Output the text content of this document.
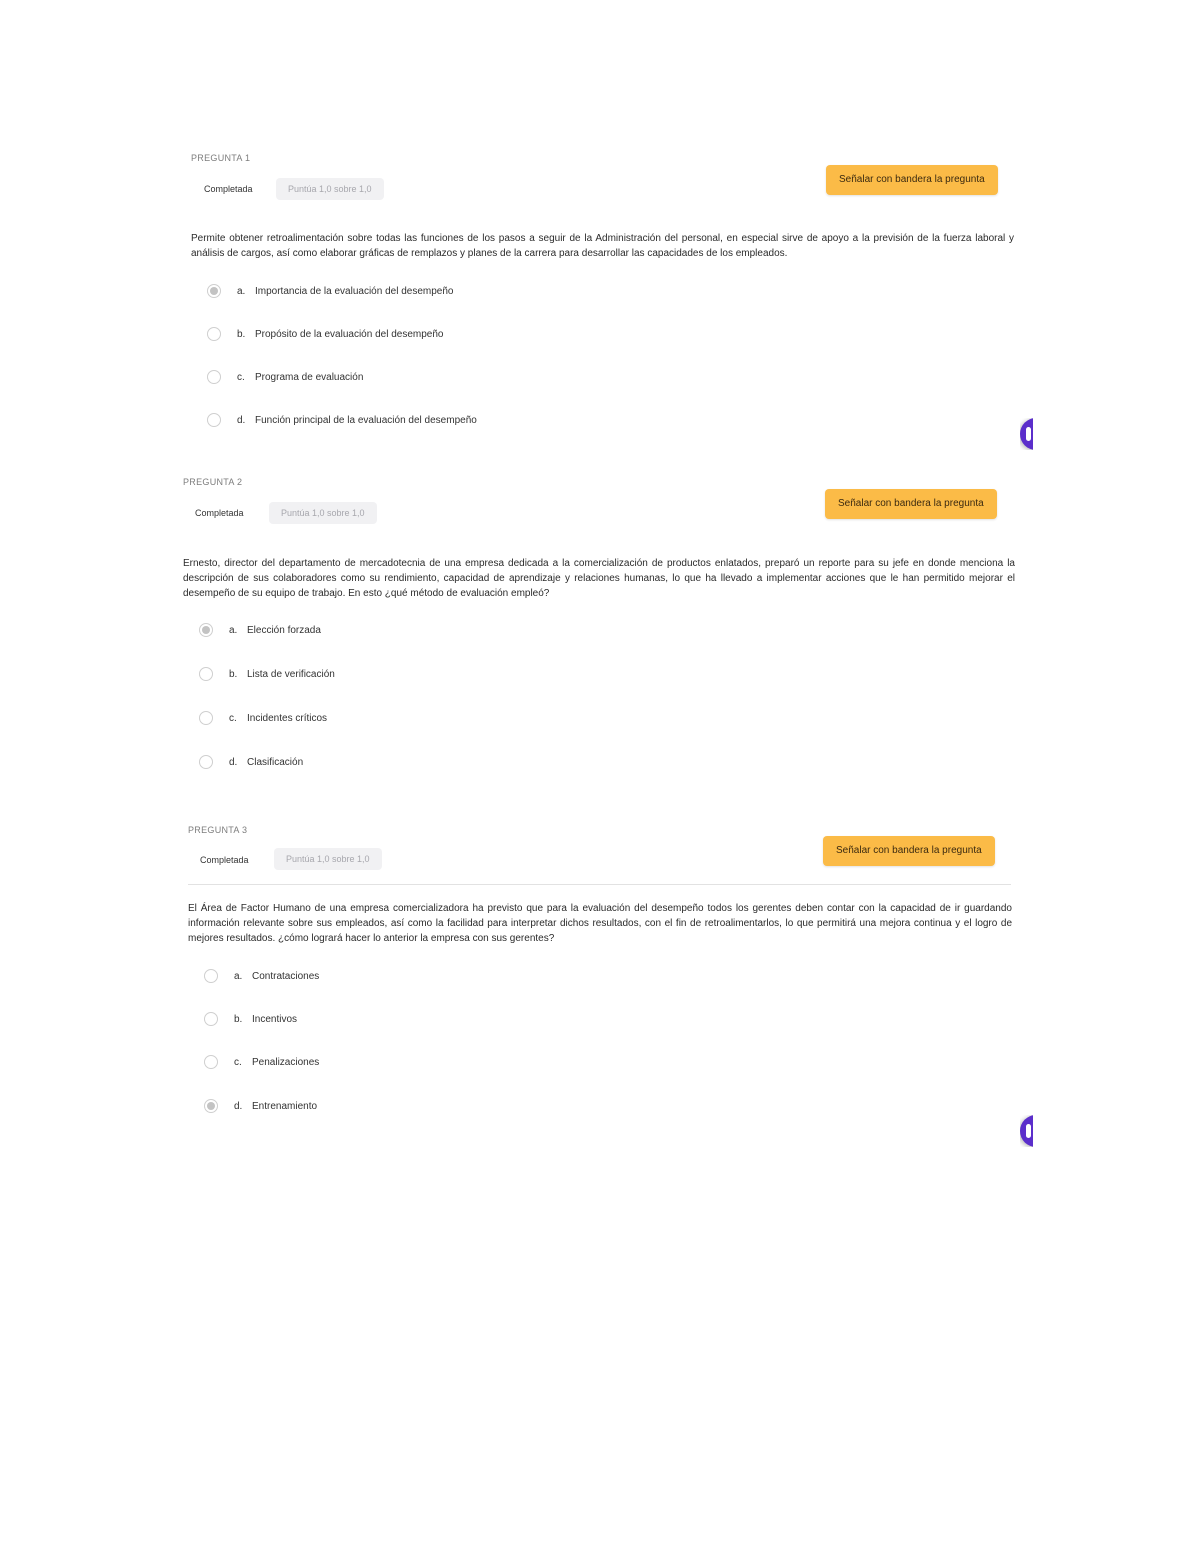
PREGUNTA 1
Completada	Puntúa 1,0 sobre 1,0
Señalar con bandera la pregunta

Permite obtener retroalimentación sobre todas las funciones de los pasos a seguir de la Administración del personal, en especial sirve de apoyo a la previsión de la fuerza laboral y análisis de cargos, así como elaborar gráficas de remplazos y planes de la carrera para desarrollar las capacidades de los empleados.

a. Importancia de la evaluación del desempeño
b. Propósito de la evaluación del desempeño
c.	Programa de evaluación
d. Función principal de la evaluación del desempeño
PREGUNTA 2
Completada	Puntúa 1,0 sobre 1,0
Señalar con bandera la pregunta

Ernesto, director del departamento de mercadotecnia de una empresa dedicada a la comercialización de productos enlatados, preparó un reporte para su jefe en donde menciona la descripción de sus colaboradores como su rendimiento, capacidad de aprendizaje y relaciones humanas, lo que ha llevado a implementar acciones que le han permitido mejorar el desempeño de su equipo de trabajo. En esto ¿qué método de evaluación empleó?

a. Elección forzada
b. Lista de verificación
c.	Incidentes críticos
d. Clasificación
PREGUNTA 3
Completada	Puntúa 1,0 sobre 1,0
Señalar con bandera la pregunta

El Área de Factor Humano de una empresa comercializadora ha previsto que para la evaluación del desempeño todos los gerentes deben contar con la capacidad de ir guardando información relevante sobre sus empleados, así como la facilidad para interpretar dichos resultados, con el fin de retroalimentarlos, lo que permitirá una mejora continua y el logro de mejores resultados. ¿cómo logrará hacer lo anterior la empresa con sus gerentes?

a. Contrataciones
b. Incentivos
c.	Penalizaciones
d. Entrenamiento
